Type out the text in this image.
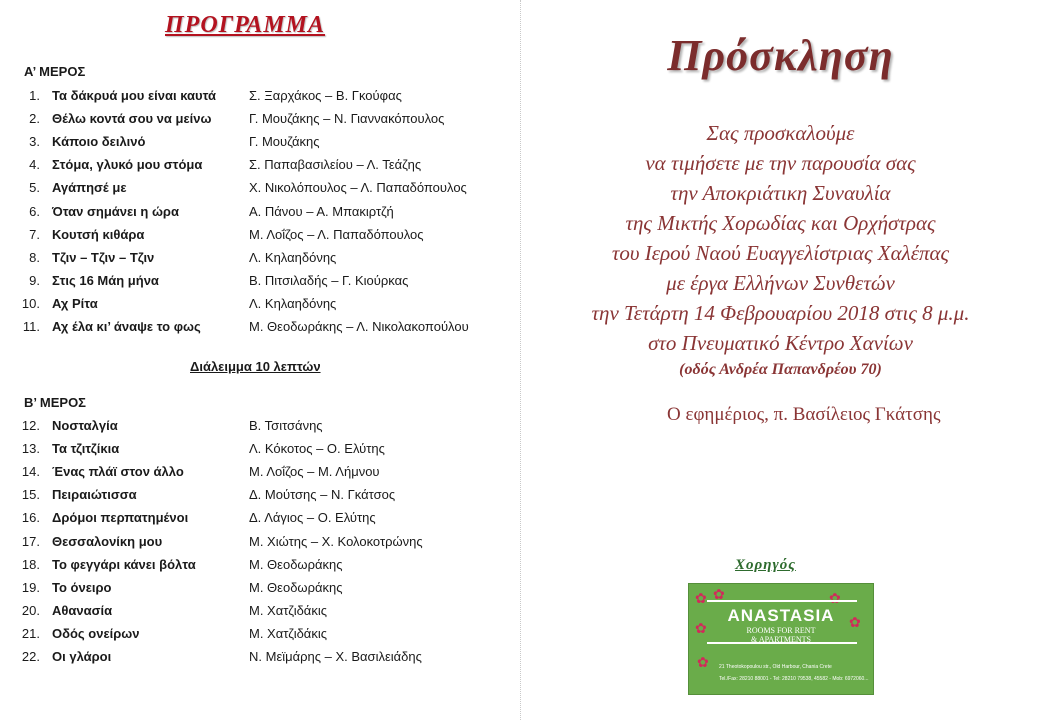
ΠΡΟΓΡΑΜΜΑ
Α’ ΜΕΡΟΣ
1. Τα δάκρυά μου είναι καυτά	Σ. Ξαρχάκος – Β. Γκούφας
2. Θέλω κοντά σου να μείνω	Γ. Μουζάκης – Ν. Γιαννακόπουλος
3. Κάποιο δειλινό	Γ. Μουζάκης
4. Στόμα, γλυκό μου στόμα	Σ. Παπαβασιλείου – Λ. Τεάζης
5. Αγάπησέ με	Χ. Νικολόπουλος – Λ. Παπαδόπουλος
6. Όταν σημάνει η ώρα	Α. Πάνου – Α. Μπακιρτζή
7. Κουτσή κιθάρα	Μ. Λοΐζος – Λ. Παπαδόπουλος
8. Τζιν – Τζιν – Τζιν	Λ. Κηλαηδόνης
9. Στις 16 Μάη μήνα	Β. Πιτσιλαδής – Γ. Κιούρκας
10. Αχ Ρίτα	Λ. Κηλαηδόνης
11. Αχ έλα κι’ άναψε το φως	Μ. Θεοδωράκης – Λ. Νικολακοπούλου
Διάλειμμα 10 λεπτών
Β’ ΜΕΡΟΣ
12. Νοσταλγία	Β. Τσιτσάνης
13. Τα τζιτζίκια	Λ. Κόκοτος – Ο. Ελύτης
14. Ένας πλάϊ στον άλλο	Μ. Λοΐζος – Μ. Λήμνου
15. Πειραιώτισσα	Δ. Μούτσης – Ν. Γκάτσος
16. Δρόμοι περπατημένοι	Δ. Λάγιος – Ο. Ελύτης
17. Θεσσαλονίκη μου	Μ. Χιώτης – Χ. Κολοκοτρώνης
18. Το φεγγάρι κάνει βόλτα	Μ. Θεοδωράκης
19. Το όνειρο	Μ. Θεοδωράκης
20. Αθανασία	Μ. Χατζιδάκις
21. Οδός ονείρων	Μ. Χατζιδάκις
22. Οι γλάροι	Ν. Μεϊμάρης – Χ. Βασιλειάδης
Πρόσκληση
Σας προσκαλούμε
να τιμήσετε με την παρουσία σας
την Αποκριάτικη Συναυλία
της Μικτής Χορωδίας και Ορχήστρας
του Ιερού Ναού Ευαγγελίστριας Χαλέπας
με έργα Ελλήνων Συνθετών
την Τετάρτη 14 Φεβρουαρίου 2018 στις 8 μ.μ.
στο Πνευματικό Κέντρο Χανίων
(οδός Ανδρέα Παπανδρέου 70)
Ο εφημέριος, π. Βασίλειος Γκάτσης
Χορηγός
✿ ✿
✿	✿
✿
✿
ANASTASIA
ROOMS FOR RENT
& APARTMENTS
21 Theotokopoulou str., Old Harbour, Chania Crete
Tel./Fax: 28210 88001 - Tel: 28210 79538, 45582 - Mob: 6972060...
